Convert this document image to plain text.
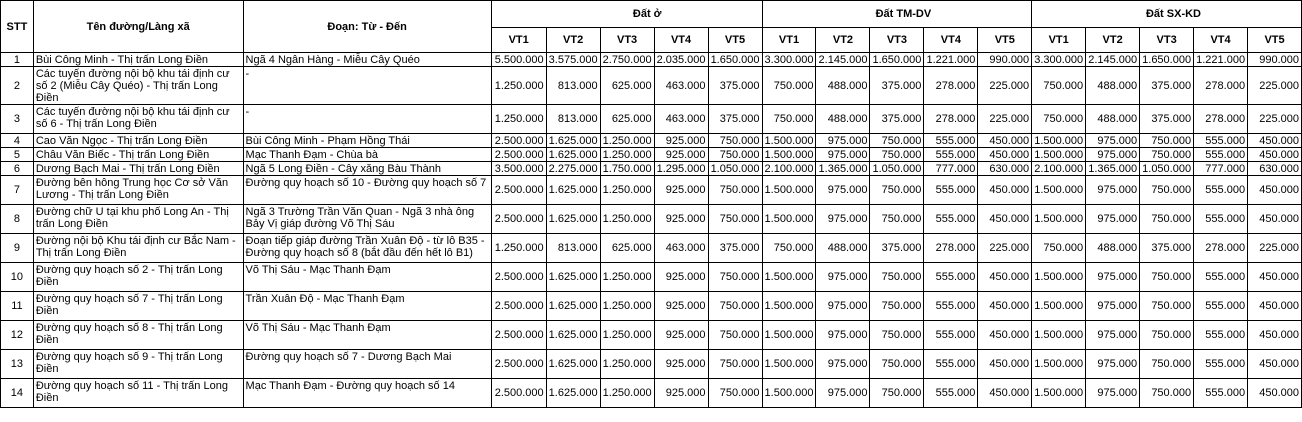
STT	Tên đường/Làng xã	Đoạn: Từ - Đến	Đất ở					Đất TM-DV					Đất SX-KD				
			VT1	VT2	VT3	VT4	VT5	VT1	VT2	VT3	VT4	VT5	VT1	VT2	VT3	VT4	VT5
1	Bùi Công Minh - Thị trấn Long Điền	Ngã 4 Ngân Hàng - Miễu Cây Quéo	5.500.000	3.575.000	2.750.000	2.035.000	1.650.000	3.300.000	2.145.000	1.650.000	1.221.000	990.000	3.300.000	2.145.000	1.650.000	1.221.000	990.000
2	Các tuyến đường nội bộ khu tái định cư số 2 (Miễu Cây Quéo) - Thị trấn Long Điền	-	1.250.000	813.000	625.000	463.000	375.000	750.000	488.000	375.000	278.000	225.000	750.000	488.000	375.000	278.000	225.000
3	Các tuyến đường nội bộ khu tái định cư số 6 - Thị trấn Long Điền	-	1.250.000	813.000	625.000	463.000	375.000	750.000	488.000	375.000	278.000	225.000	750.000	488.000	375.000	278.000	225.000
4	Cao Văn Ngọc - Thị trấn Long Điền	Bùi Công Minh - Phạm Hồng Thái	2.500.000	1.625.000	1.250.000	925.000	750.000	1.500.000	975.000	750.000	555.000	450.000	1.500.000	975.000	750.000	555.000	450.000
5	Châu Văn Biếc - Thị trấn Long Điền	Mạc Thanh Đạm - Chùa bà	2.500.000	1.625.000	1.250.000	925.000	750.000	1.500.000	975.000	750.000	555.000	450.000	1.500.000	975.000	750.000	555.000	450.000
6	Dương Bạch Mai - Thị trấn Long Điền	Ngã 5 Long Điền - Cây xăng Bàu Thành	3.500.000	2.275.000	1.750.000	1.295.000	1.050.000	2.100.000	1.365.000	1.050.000	777.000	630.000	2.100.000	1.365.000	1.050.000	777.000	630.000
7	Đường bên hông Trung học Cơ sở Văn Lương - Thị trấn Long Điền	Đường quy hoạch số 10 - Đường quy hoạch số 7	2.500.000	1.625.000	1.250.000	925.000	750.000	1.500.000	975.000	750.000	555.000	450.000	1.500.000	975.000	750.000	555.000	450.000
8	Đường chữ U tại khu phố Long An - Thị trấn Long Điền	Ngã 3 Trường Trần Văn Quan - Ngã 3 nhà ông Bảy Vị giáp đường Võ Thị Sáu	2.500.000	1.625.000	1.250.000	925.000	750.000	1.500.000	975.000	750.000	555.000	450.000	1.500.000	975.000	750.000	555.000	450.000
9	Đường nội bộ Khu tái định cư Bắc Nam - Thị trấn Long Điền	Đoạn tiếp giáp đường Trần Xuân Độ - từ lô B35 - Đường quy hoạch số 8 (bắt đầu đến hết lô B1)	1.250.000	813.000	625.000	463.000	375.000	750.000	488.000	375.000	278.000	225.000	750.000	488.000	375.000	278.000	225.000
10	Đường quy hoạch số 2 - Thị trấn Long Điền	Võ Thị Sáu - Mạc Thanh Đạm	2.500.000	1.625.000	1.250.000	925.000	750.000	1.500.000	975.000	750.000	555.000	450.000	1.500.000	975.000	750.000	555.000	450.000
11	Đường quy hoạch số 7 - Thị trấn Long Điền	Trần Xuân Độ - Mạc Thanh Đạm	2.500.000	1.625.000	1.250.000	925.000	750.000	1.500.000	975.000	750.000	555.000	450.000	1.500.000	975.000	750.000	555.000	450.000
12	Đường quy hoạch số 8 - Thị trấn Long Điền	Võ Thị Sáu - Mạc Thanh Đạm	2.500.000	1.625.000	1.250.000	925.000	750.000	1.500.000	975.000	750.000	555.000	450.000	1.500.000	975.000	750.000	555.000	450.000
13	Đường quy hoạch số 9 - Thị trấn Long Điền	Đường quy hoạch số 7 - Dương Bạch Mai	2.500.000	1.625.000	1.250.000	925.000	750.000	1.500.000	975.000	750.000	555.000	450.000	1.500.000	975.000	750.000	555.000	450.000
14	Đường quy hoạch số 11 - Thị trấn Long Điền	Mạc Thanh Đạm - Đường quy hoạch số 14	2.500.000	1.625.000	1.250.000	925.000	750.000	1.500.000	975.000	750.000	555.000	450.000	1.500.000	975.000	750.000	555.000	450.000
